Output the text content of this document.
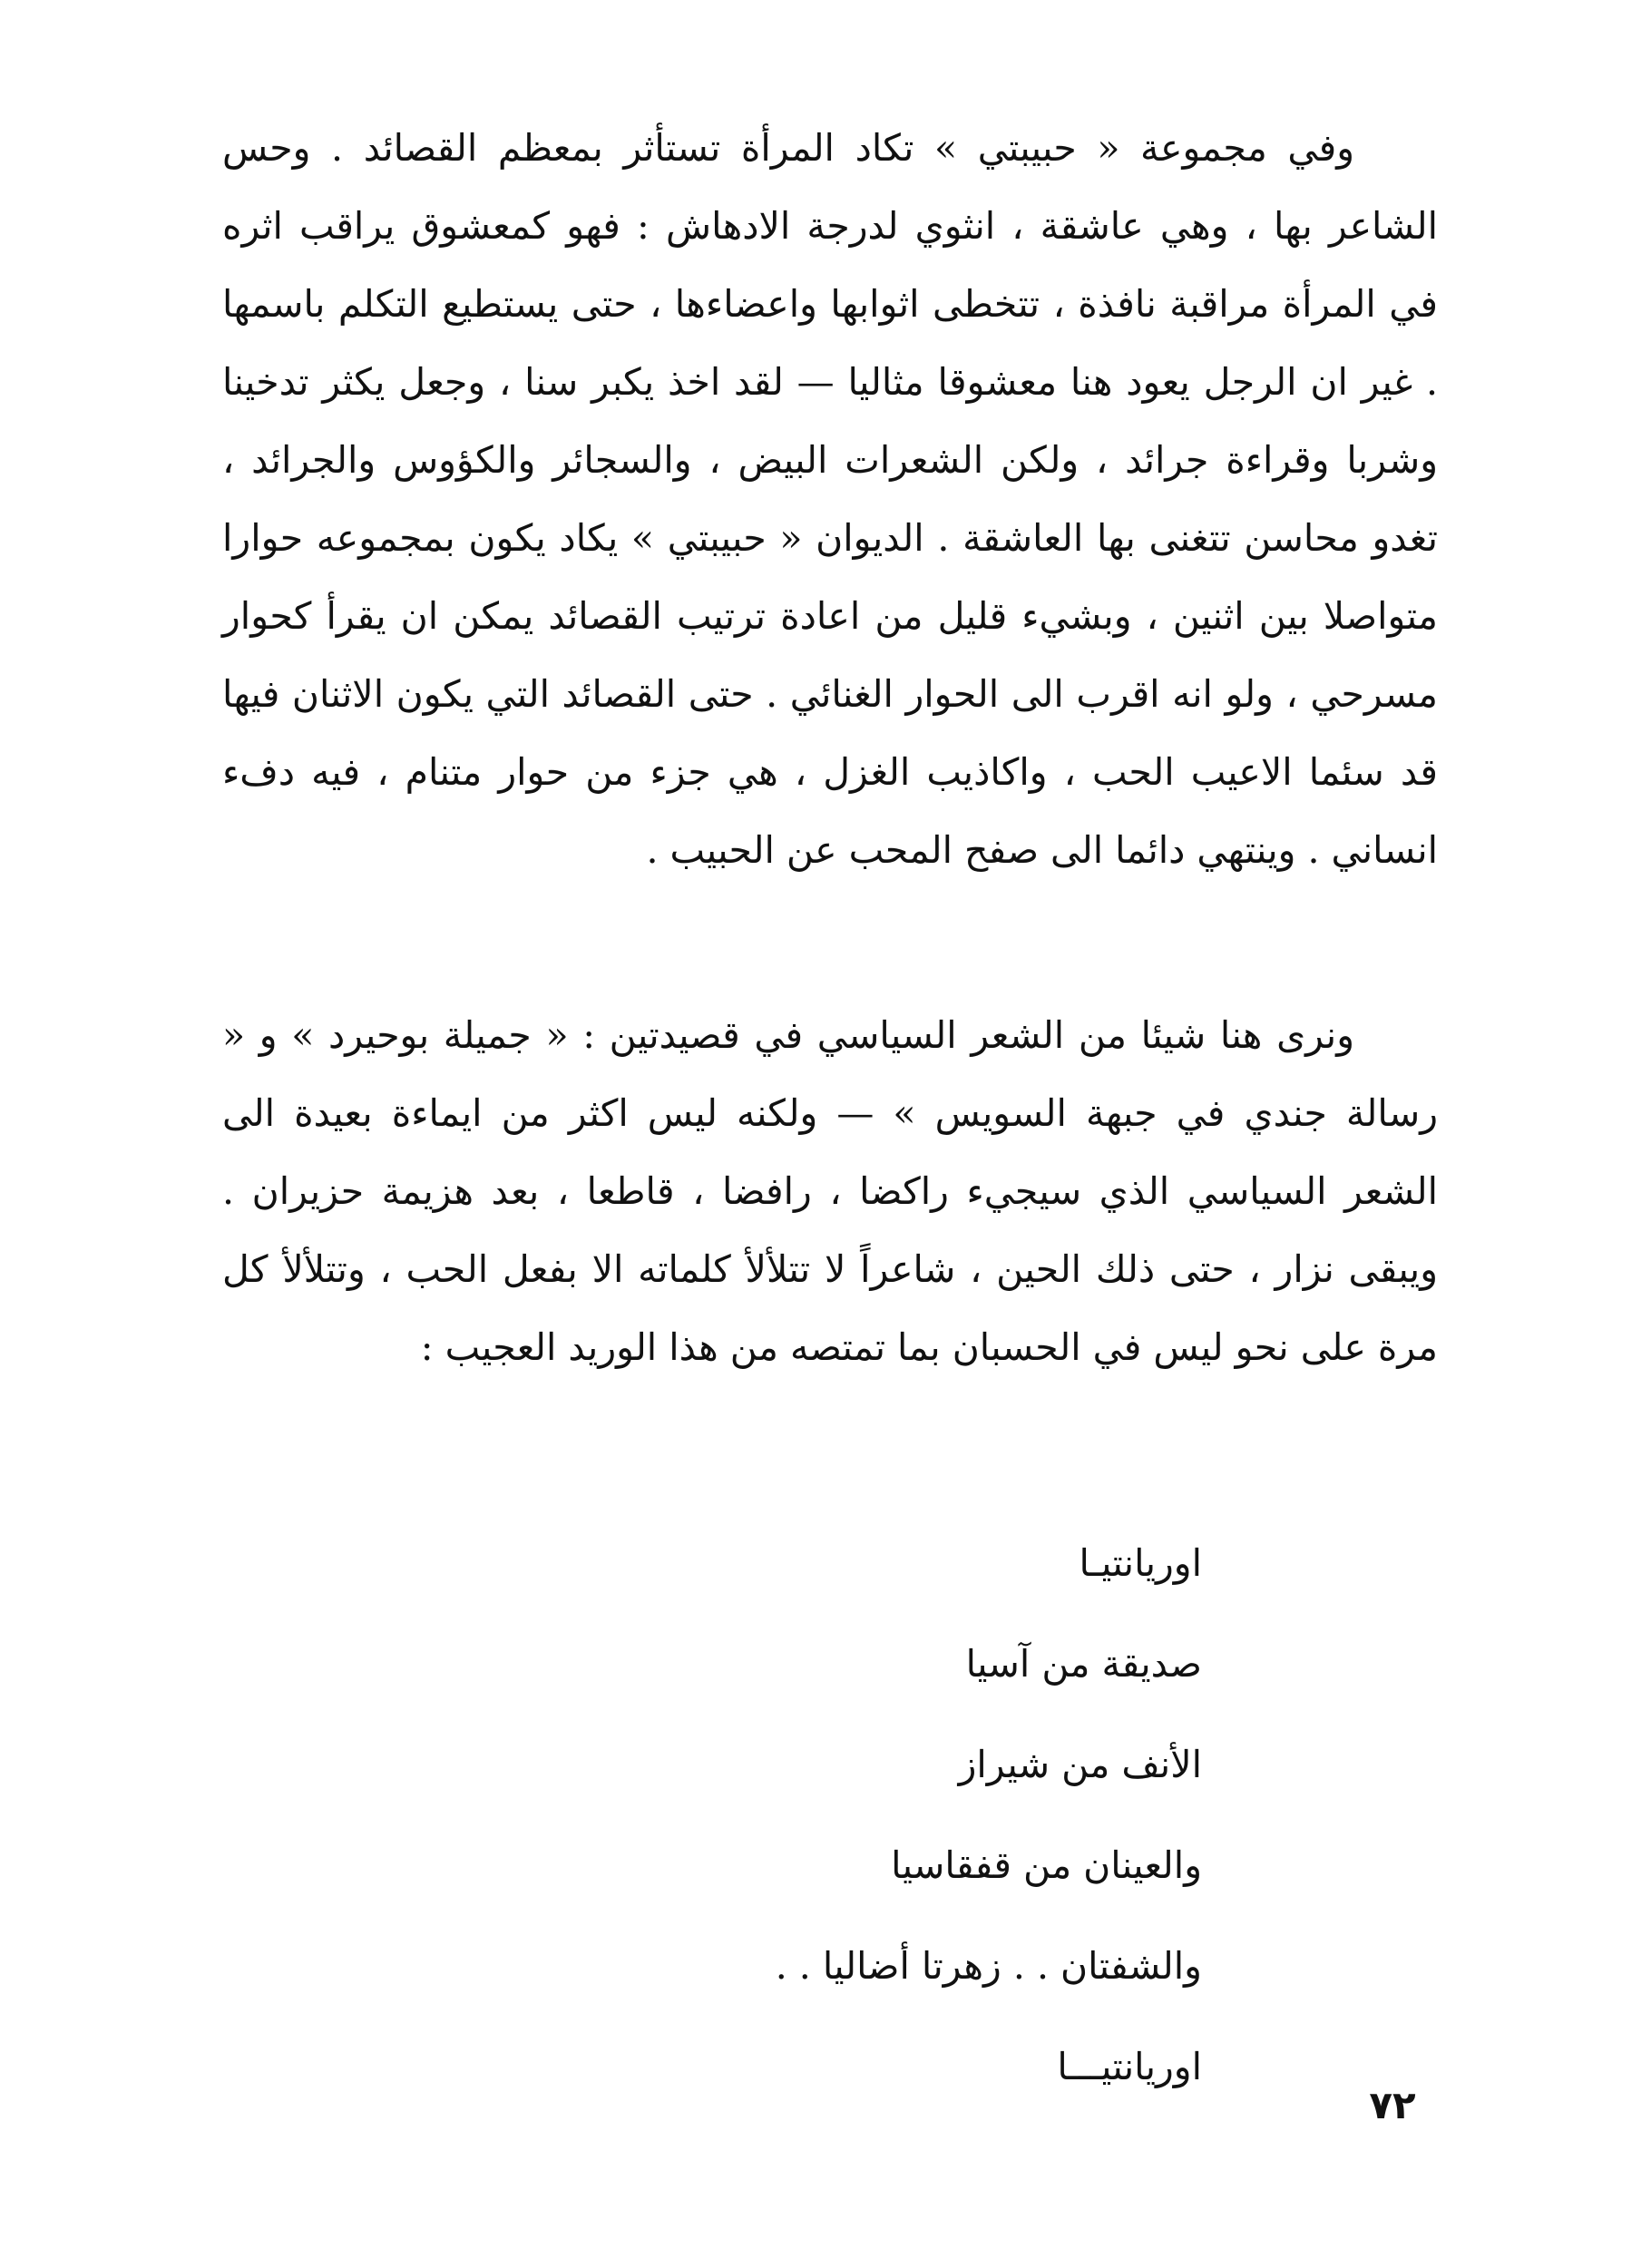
وفي مجموعة « حبيبتي » تكاد المرأة تستأثر بمعظم القصائد . وحس الشاعر بها ، وهي عاشقة ، انثوي لدرجة الادهاش : فهو كمعشوق يراقب اثره في المرأة مراقبة نافذة ، تتخطى اثوابها واعضاءها ، حتى يستطيع التكلم باسمها . غير ان الرجل يعود هنا معشوقا مثاليا — لقد اخذ يكبر سنا ، وجعل يكثر تدخينا وشربا وقراءة جرائد ، ولكن الشعرات البيض ، والسجائر والكؤوس والجرائد ، تغدو محاسن تتغنى بها العاشقة . الديوان « حبيبتي » يكاد يكون بمجموعه حوارا متواصلا بين اثنين ، وبشيء قليل من اعادة ترتيب القصائد يمكن ان يقرأ كحوار مسرحي ، ولو انه اقرب الى الحوار الغنائي . حتى القصائد التي يكون الاثنان فيها قد سئما الاعيب الحب ، واكاذيب الغزل ، هي جزء من حوار متنام ، فيه دفء انساني . وينتهي دائما الى صفح المحب عن الحبيب .

ونرى هنا شيئا من الشعر السياسي في قصيدتين : « جميلة بوحيرد » و « رسالة جندي في جبهة السويس » — ولكنه ليس اكثر من ايماءة بعيدة الى الشعر السياسي الذي سيجيء راكضا ، رافضا ، قاطعا ، بعد هزيمة حزيران . ويبقى نزار ، حتى ذلك الحين ، شاعراً لا تتلألأ كلماته الا بفعل الحب ، وتتلألأ كل مرة على نحو ليس في الحسبان بما تمتصه من هذا الوريد العجيب :

اوريانتيـا
صديقة من آسيا
الأنف من شيراز
والعينان من قفقاسيا
والشفتان . . زهرتا أضاليا . .
اوريانتيـــا
٧٢
